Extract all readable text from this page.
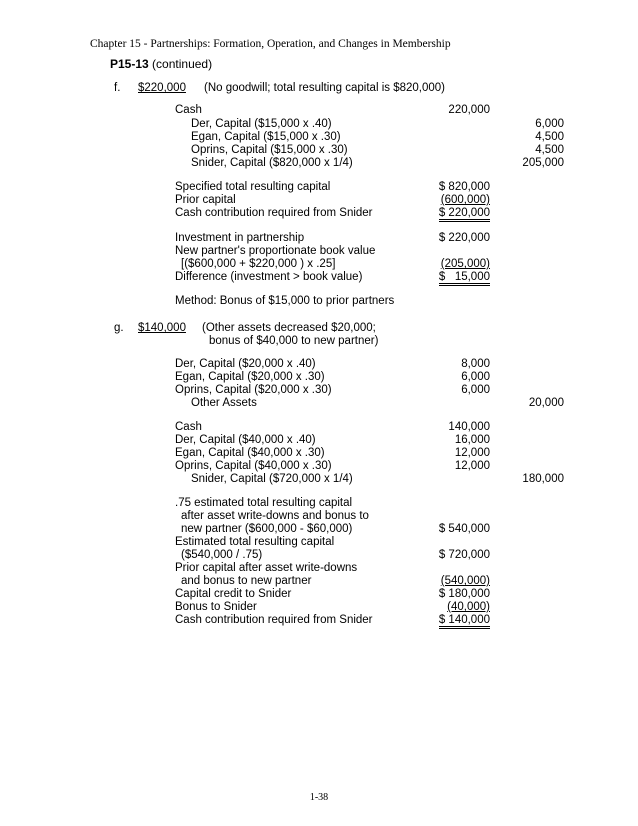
Chapter 15 - Partnerships: Formation, Operation, and Changes in Membership
P15-13 (continued)
f. $220,000 (No goodwill; total resulting capital is $820,000)
Cash	220,000
Der, Capital ($15,000 x .40)	6,000
Egan, Capital ($15,000 x .30)	4,500
Oprins, Capital ($15,000 x .30)	4,500
Snider, Capital ($820,000 x 1/4)	205,000
Specified total resulting capital	$ 820,000
Prior capital	(600,000)
Cash contribution required from Snider	$ 220,000
Investment in partnership	$ 220,000
New partner's proportionate book value
[($600,000 + $220,000 ) x .25]	(205,000)
Difference (investment > book value)	$   15,000
Method: Bonus of $15,000 to prior partners
g. $140,000 (Other assets decreased $20,000;
bonus of $40,000 to new partner)
Der, Capital ($20,000 x .40)	8,000
Egan, Capital ($20,000 x .30)	6,000
Oprins, Capital ($20,000 x .30)	6,000
Other Assets	20,000
Cash	140,000
Der, Capital ($40,000 x .40)	16,000
Egan, Capital ($40,000 x .30)	12,000
Oprins, Capital ($40,000 x .30)	12,000
Snider, Capital ($720,000 x 1/4)	180,000
.75 estimated total resulting capital
after asset write-downs and bonus to
new partner ($600,000 - $60,000)	$ 540,000
Estimated total resulting capital
($540,000 / .75)	$ 720,000
Prior capital after asset write-downs
and bonus to new partner	(540,000)
Capital credit to Snider	$ 180,000
Bonus to Snider	(40,000)
Cash contribution required from Snider	$ 140,000
1-38
